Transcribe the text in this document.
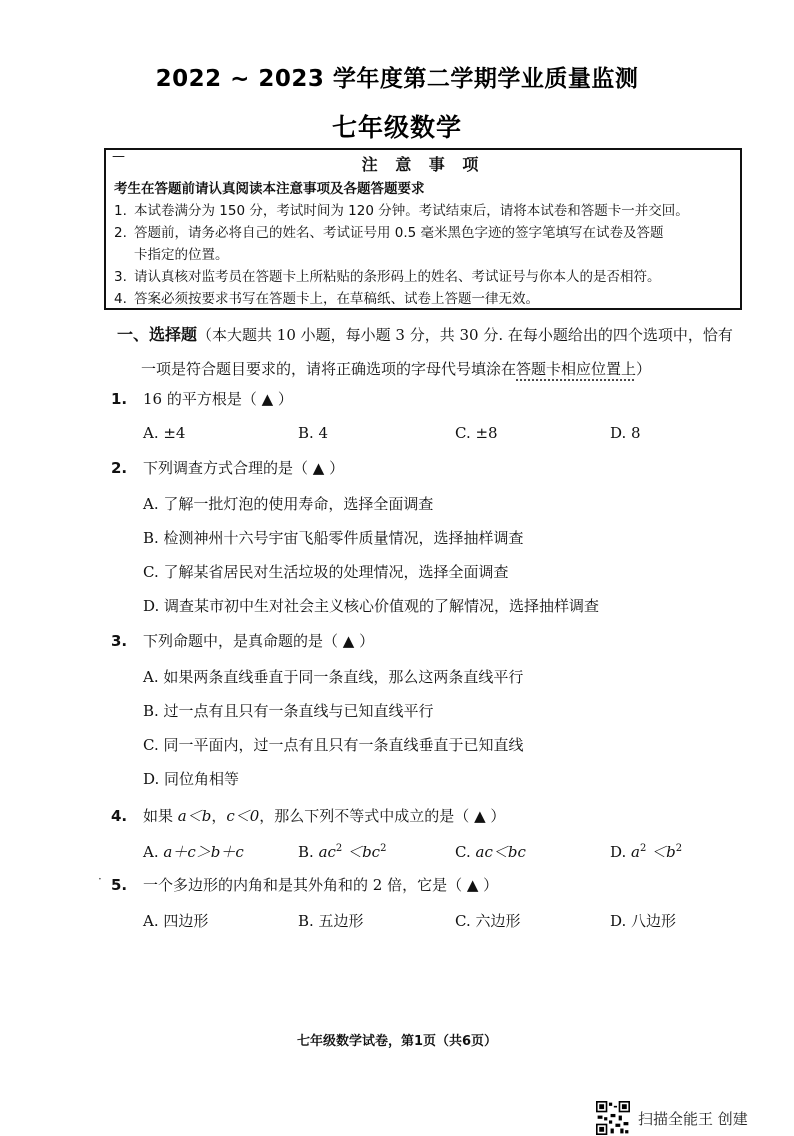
2022 ~ 2023 学年度第二学期学业质量监测
七年级数学
—	注 意 事 项
考生在答题前请认真阅读本注意事项及各题答题要求
1. 本试卷满分为 150 分，考试时间为 120 分钟。考试结束后，请将本试卷和答题卡一并交回。
2. 答题前，请务必将自己的姓名、考试证号用 0.5 毫米黑色字迹的签字笔填写在试卷及答题
卡指定的位置。
3. 请认真核对监考员在答题卡上所粘贴的条形码上的姓名、考试证号与你本人的是否相符。
4. 答案必须按要求书写在答题卡上，在草稿纸、试卷上答题一律无效。
一、选择题（本大题共 10 小题，每小题 3 分，共 30 分. 在每小题给出的四个选项中，恰有
一项是符合题目要求的，请将正确选项的字母代号填涂在答题卡相应位置上）
1. 16 的平方根是（ ▲ ）
A. ±4	B. 4	C. ±8	D. 8
2. 下列调查方式合理的是（ ▲ ）
A. 了解一批灯泡的使用寿命，选择全面调查
B. 检测神州十六号宇宙飞船零件质量情况，选择抽样调查
C. 了解某省居民对生活垃圾的处理情况，选择全面调查
D. 调查某市初中生对社会主义核心价值观的了解情况，选择抽样调查
3. 下列命题中，是真命题的是（ ▲ ）
A. 如果两条直线垂直于同一条直线，那么这两条直线平行
B. 过一点有且只有一条直线与已知直线平行
C. 同一平面内，过一点有且只有一条直线垂直于已知直线
D. 同位角相等
4. 如果 a＜b，c＜0，那么下列不等式中成立的是（ ▲ ）
A. a＋c＞b＋c	B. $ac^2 <bc^2$	C. ac＜bc	D. $a^2 <b^2$
· 5. 一个多边形的内角和是其外角和的 2 倍，它是（ ▲ ）
A. 四边形	B. 五边形	C. 六边形	D. 八边形
七年级数学试卷，第1页（共6页）
扫描全能王 创建
